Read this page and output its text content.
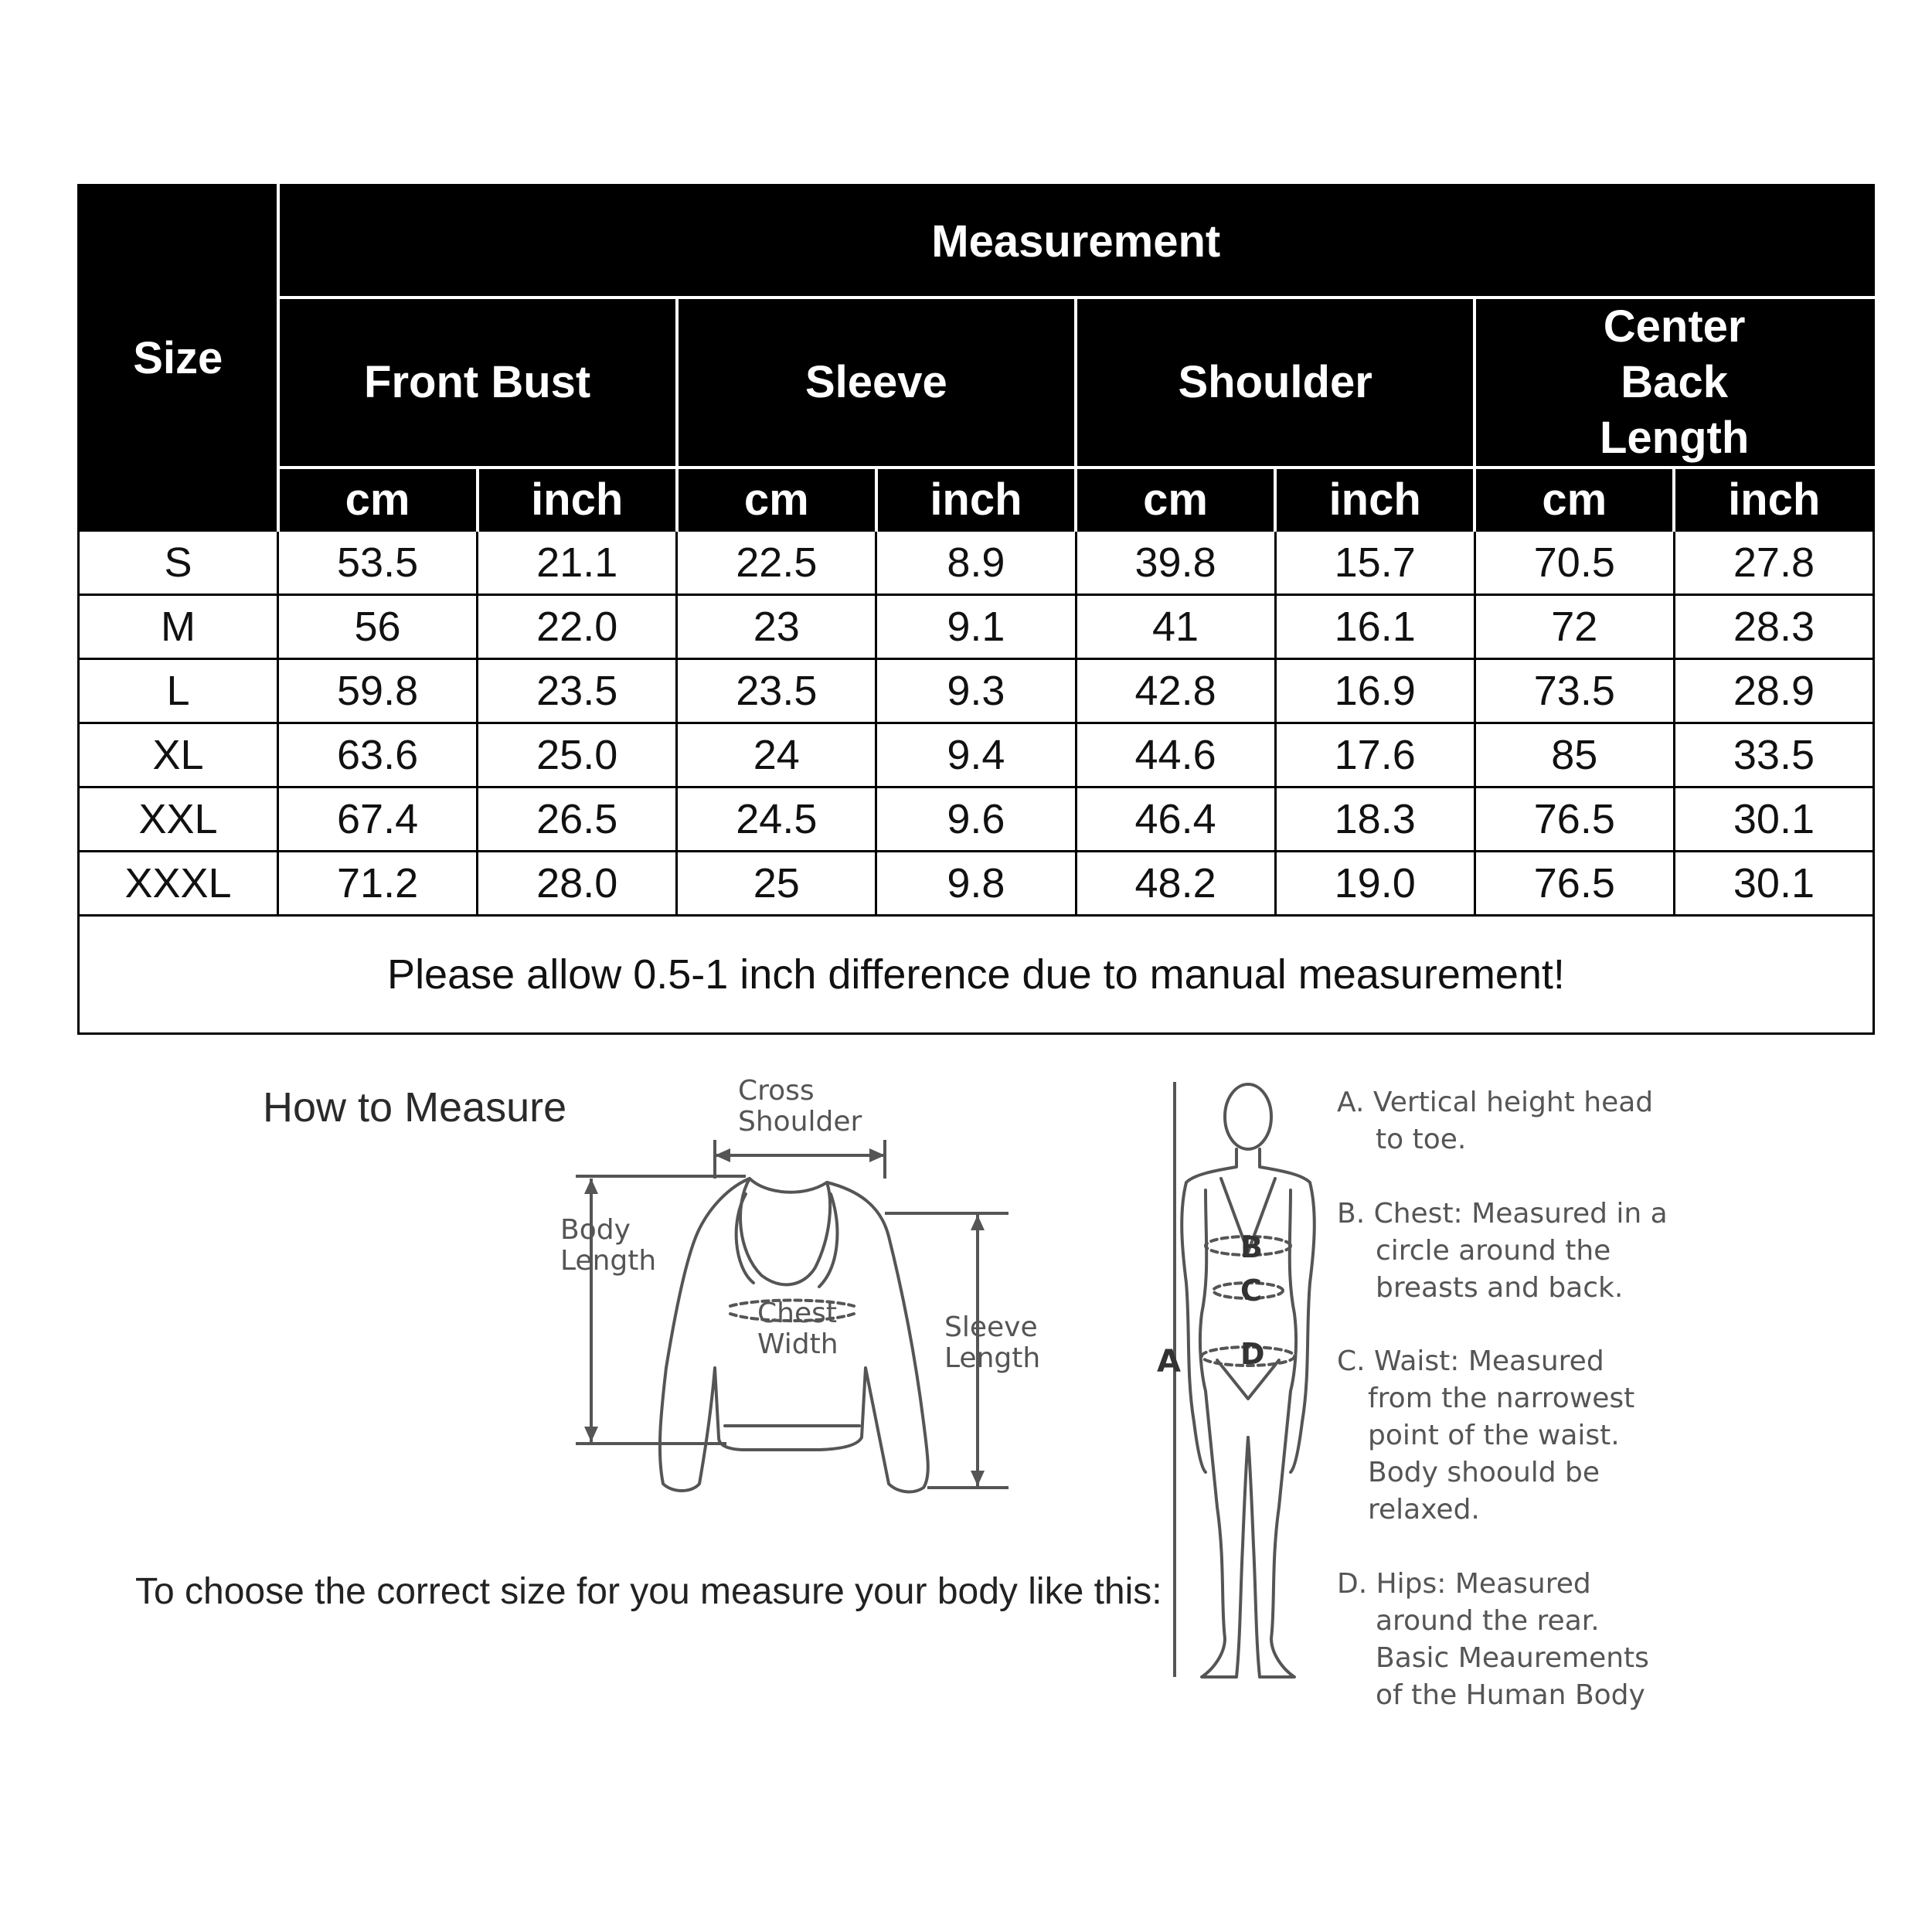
Size	Measurement							
	Front Bust		Sleeve		Shoulder		Center Back Length	

	cm	inch	cm	inch	cm	inch	cm	inch
S	53.5	21.1	22.5	8.9	39.8	15.7	70.5	27.8
M	56	22.0	23	9.1	41	16.1	72	28.3
L	59.8	23.5	23.5	9.3	42.8	16.9	73.5	28.9
XL	63.6	25.0	24	9.4	44.6	17.6	85	33.5
XXL	67.4	26.5	24.5	9.6	46.4	18.3	76.5	30.1
XXXL	71.2	28.0	25	9.8	48.2	19.0	76.5	30.1
Please allow 0.5-1 inch difference due to manual measurement!								
How to Measure
To choose the correct size for you measure your body like this:
Cross
Shoulder
Body
Length
Chest
Width
Sleeve
Length	A
B
C
D
A. Vertical height head
to toe.
B. Chest: Measured in a
circle around the
breasts and back.
C. Waist: Measured
from the narrowest
point of the waist.
Body shoould be
relaxed.
D. Hips: Measured
around the rear.
Basic Meaurements
of the Human Body
